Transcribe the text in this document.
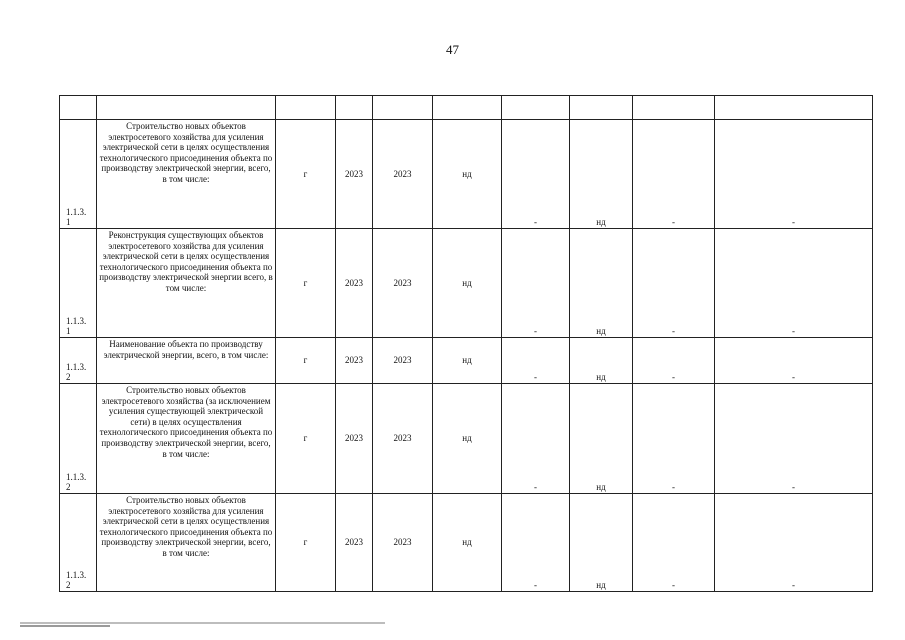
47

1.1.3.
1	Строительство новых объектов электросетевого хозяйства для усиления электрической сети в целях осуществления технологического присоединения объекта по производству электрической энергии, всего, в том числе:	г	2023	2023	нд	-	нд	-	-
1.1.3.
1	Реконструкция существующих объектов электросетевого хозяйства для усиления электрической сети в целях осуществления технологического присоединения объекта по производству электрической энергии всего, в том числе:	г	2023	2023	нд	-	нд	-	-
1.1.3.
2	Наименование объекта по производству электрической энергии, всего, в том числе:	г	2023	2023	нд	-	нд	-	-
1.1.3.
2	Строительство новых объектов электросетевого хозяйства (за исключением усиления существующей электрической сети) в целях осуществления технологического присоединения объекта по производству электрической энергии, всего, в том числе:	г	2023	2023	нд	-	нд	-	-
1.1.3.
2	Строительство новых объектов электросетевого хозяйства для усиления электрической сети в целях осуществления технологического присоединения объекта по производству электрической энергии, всего, в том числе:	г	2023	2023	нд	-	нд	-	-
